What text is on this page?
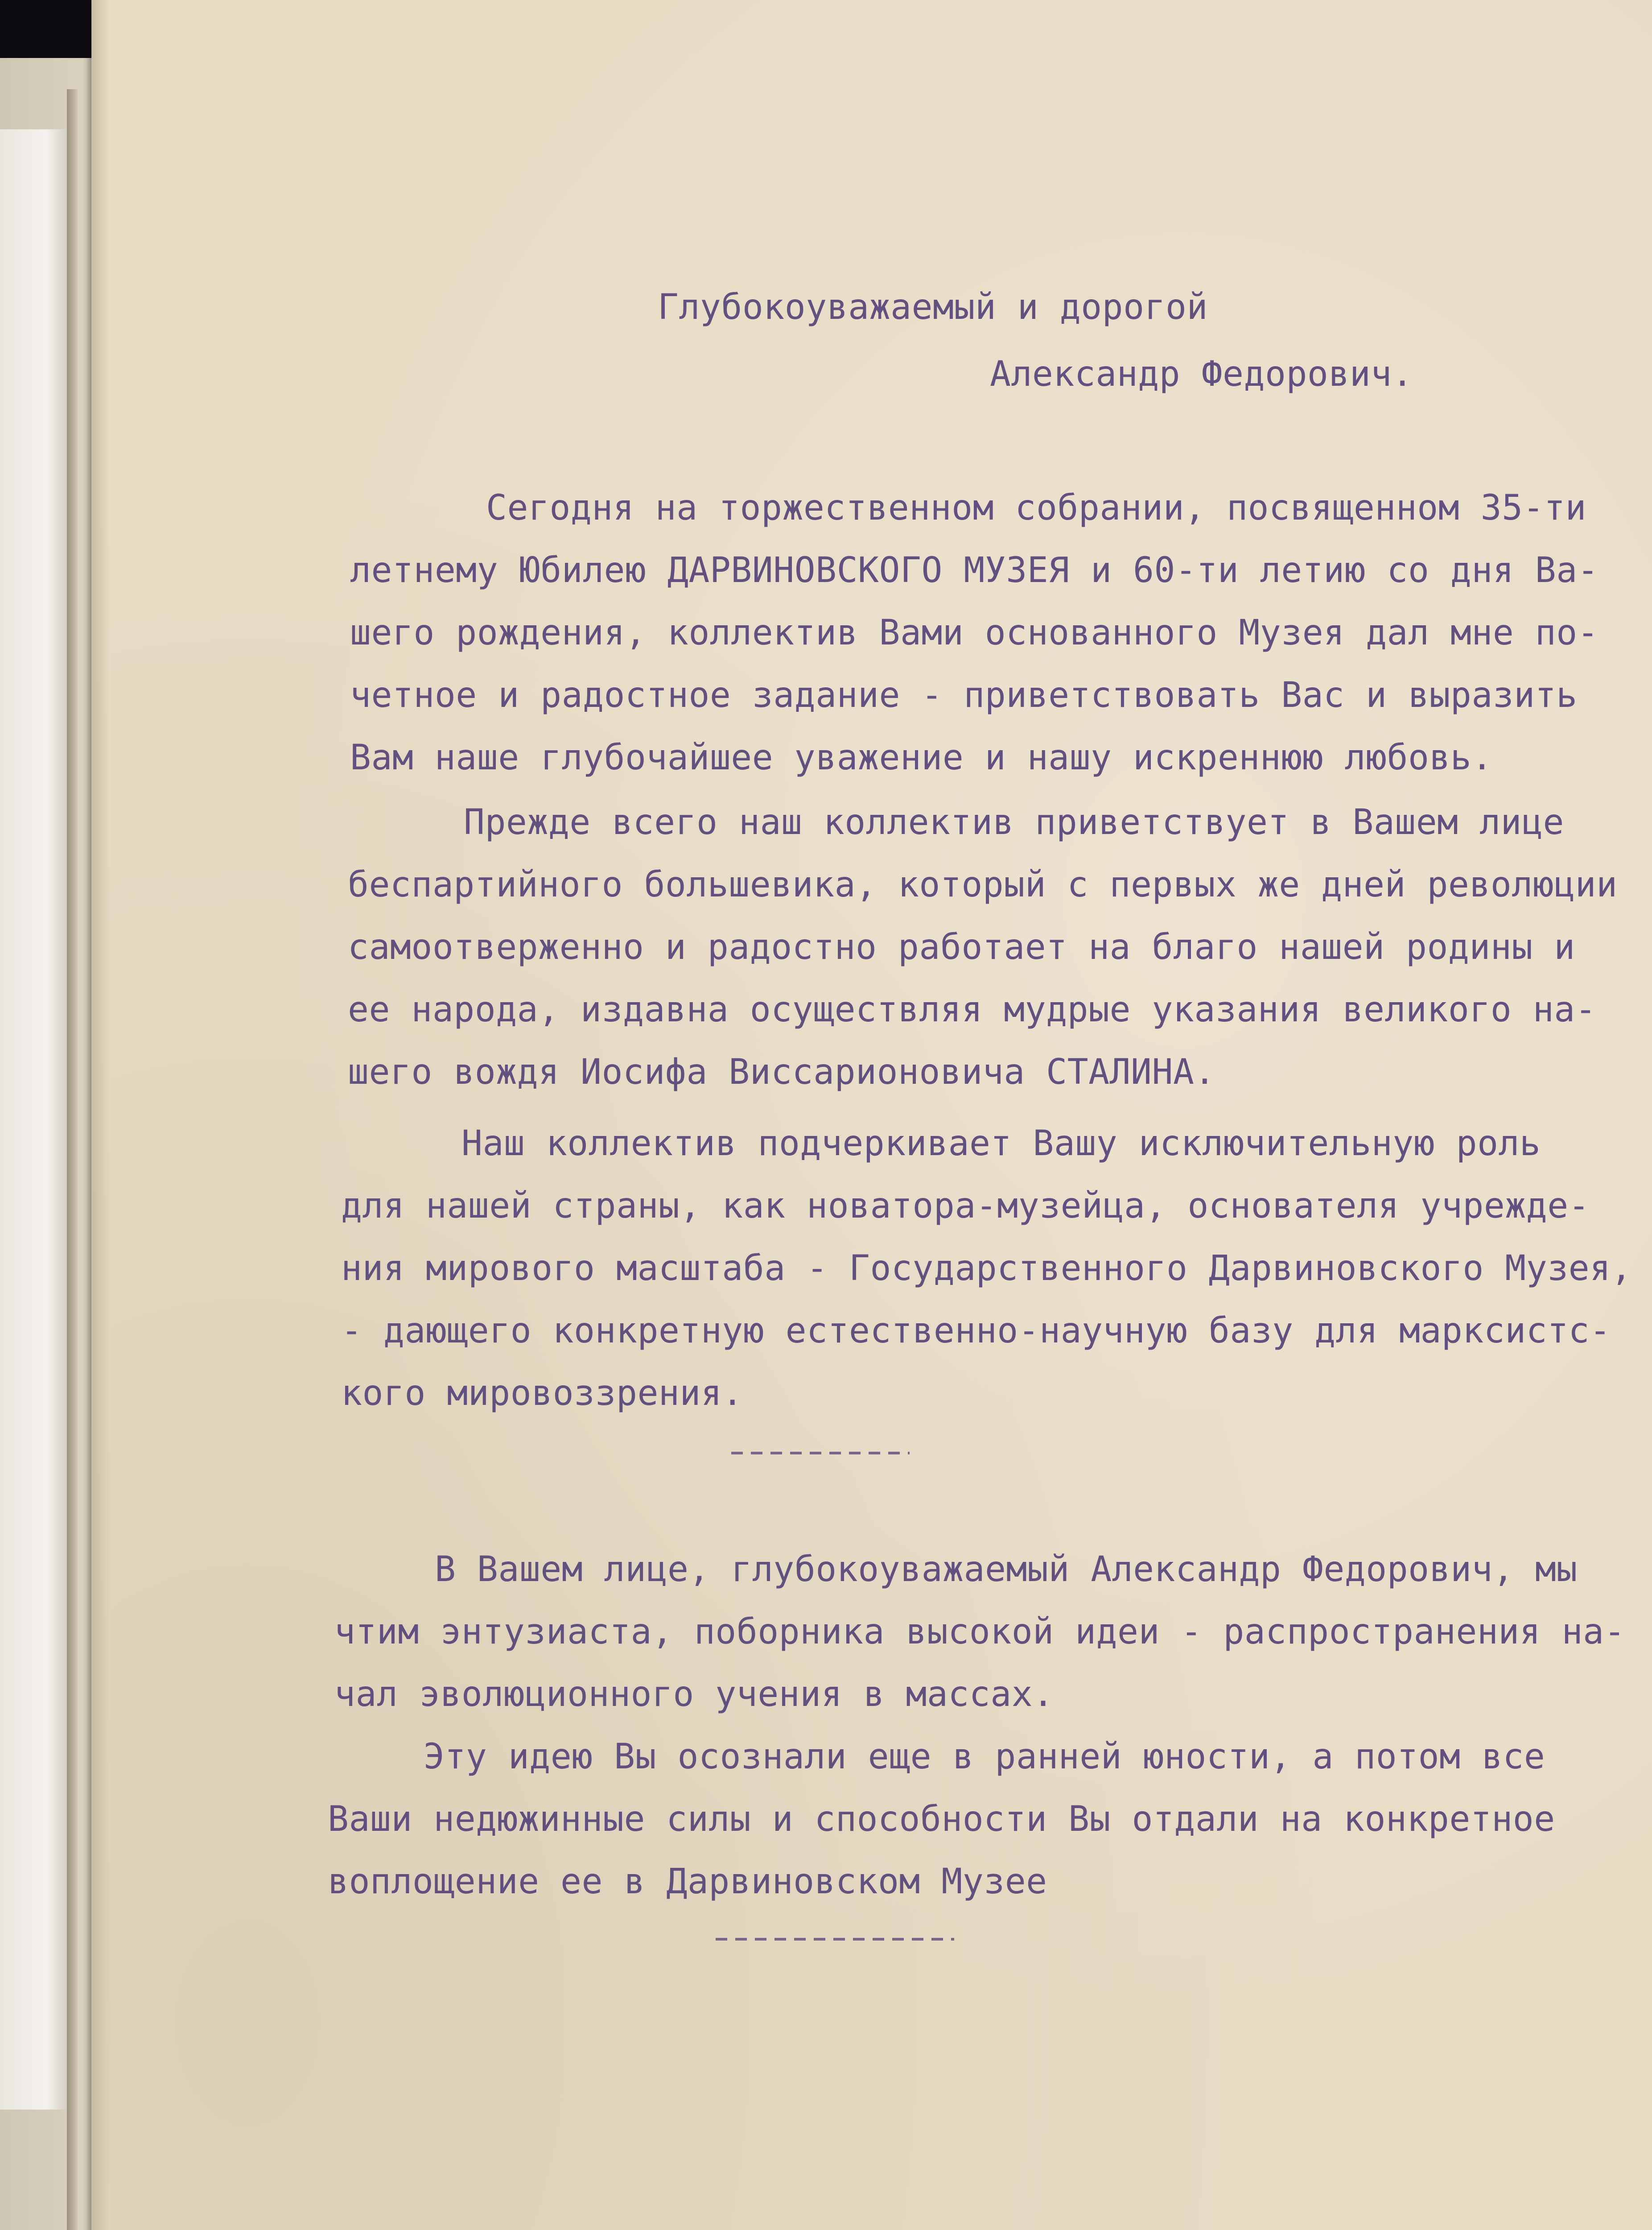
Глубокоуважаемый и дорогой
Александр Федорович.
Сегодня на торжественном собрании, посвященном 35-ти
летнему Юбилею ДАРВИНОВСКОГО МУЗЕЯ и 60-ти летию со дня Ва-
шего рождения, коллектив Вами основанного Музея дал мне по-
четное и радостное задание - приветствовать Вас и выразить
Вам наше глубочайшее уважение и нашу искреннюю любовь.
Прежде всего наш коллектив приветствует в Вашем лице
беспартийного большевика, который с первых же дней революции
самоотверженно и радостно работает на благо нашей родины и
ее народа, издавна осуществляя мудрые указания великого на-
шего вождя Иосифа Виссарионовича СТАЛИНА.
Наш коллектив подчеркивает Вашу исключительную роль
для нашей страны, как новатора-музейца, основателя учрежде-
ния мирового масштаба - Государственного Дарвиновского Музея,
- дающего конкретную естественно-научную базу для марксистс-
кого мировоззрения.
В Вашем лице, глубокоуважаемый Александр Федорович, мы
чтим энтузиаста, поборника высокой идеи - распространения на-
чал эволюционного учения в массах.
Эту идею Вы осознали еще в ранней юности, а потом все
Ваши недюжинные силы и способности Вы отдали на конкретное
воплощение ее в Дарвиновском Музее
